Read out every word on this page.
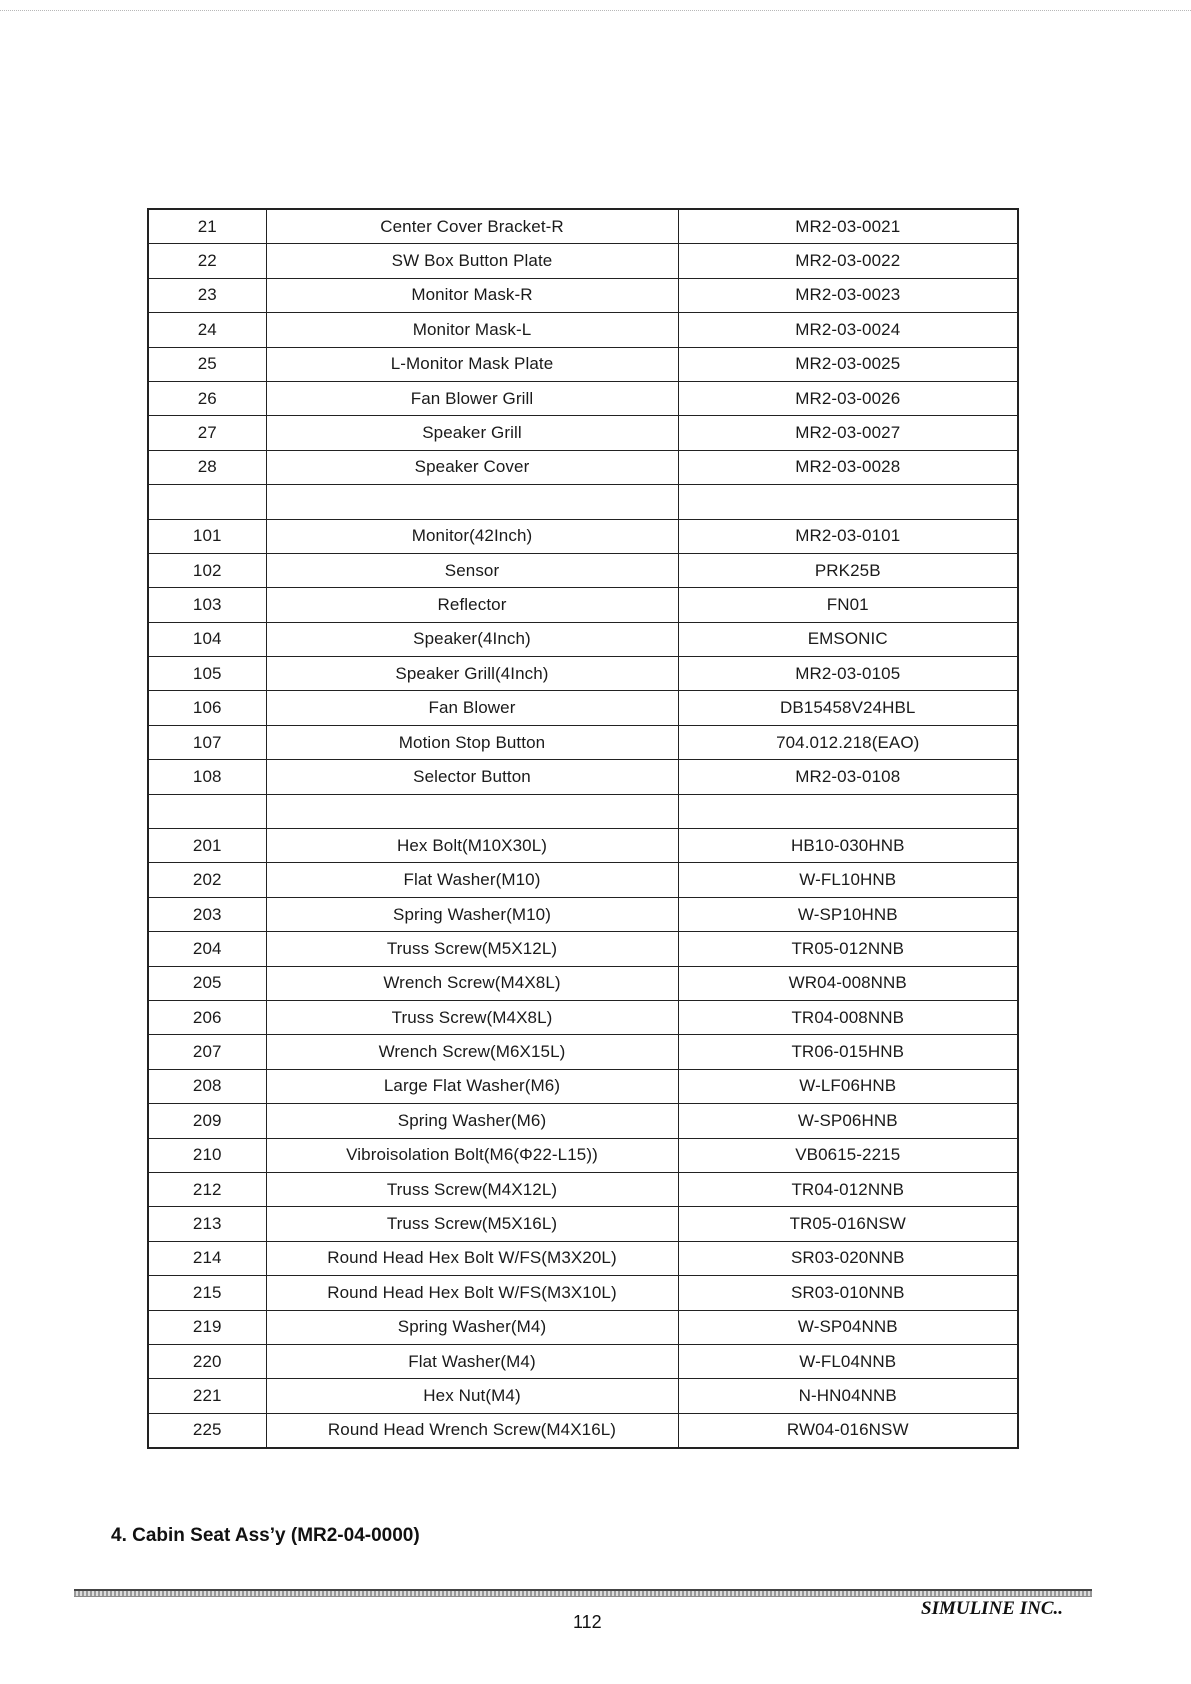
21	Center Cover Bracket-R	MR2-03-0021
22	SW Box Button Plate	MR2-03-0022
23	Monitor Mask-R	MR2-03-0023
24	Monitor Mask-L	MR2-03-0024
25	L-Monitor Mask Plate	MR2-03-0025
26	Fan Blower Grill	MR2-03-0026
27	Speaker Grill	MR2-03-0027
28	Speaker Cover	MR2-03-0028

101	Monitor(42Inch)	MR2-03-0101
102	Sensor	PRK25B
103	Reflector	FN01
104	Speaker(4Inch)	EMSONIC
105	Speaker Grill(4Inch)	MR2-03-0105
106	Fan Blower	DB15458V24HBL
107	Motion Stop Button	704.012.218(EAO)
108	Selector Button	MR2-03-0108

201	Hex Bolt(M10X30L)	HB10-030HNB
202	Flat Washer(M10)	W-FL10HNB
203	Spring Washer(M10)	W-SP10HNB
204	Truss Screw(M5X12L)	TR05-012NNB
205	Wrench Screw(M4X8L)	WR04-008NNB
206	Truss Screw(M4X8L)	TR04-008NNB
207	Wrench Screw(M6X15L)	TR06-015HNB
208	Large Flat Washer(M6)	W-LF06HNB
209	Spring Washer(M6)	W-SP06HNB
210	Vibroisolation Bolt(M6(Φ22-L15))	VB0615-2215
212	Truss Screw(M4X12L)	TR04-012NNB
213	Truss Screw(M5X16L)	TR05-016NSW
214	Round Head Hex Bolt W/FS(M3X20L)	SR03-020NNB
215	Round Head Hex Bolt W/FS(M3X10L)	SR03-010NNB
219	Spring Washer(M4)	W-SP04NNB
220	Flat Washer(M4)	W-FL04NNB
221	Hex Nut(M4)	N-HN04NNB
225	Round Head Wrench Screw(M4X16L)	RW04-016NSW
4. Cabin Seat Ass’y (MR2-04-0000)
112
SIMULINE INC..
